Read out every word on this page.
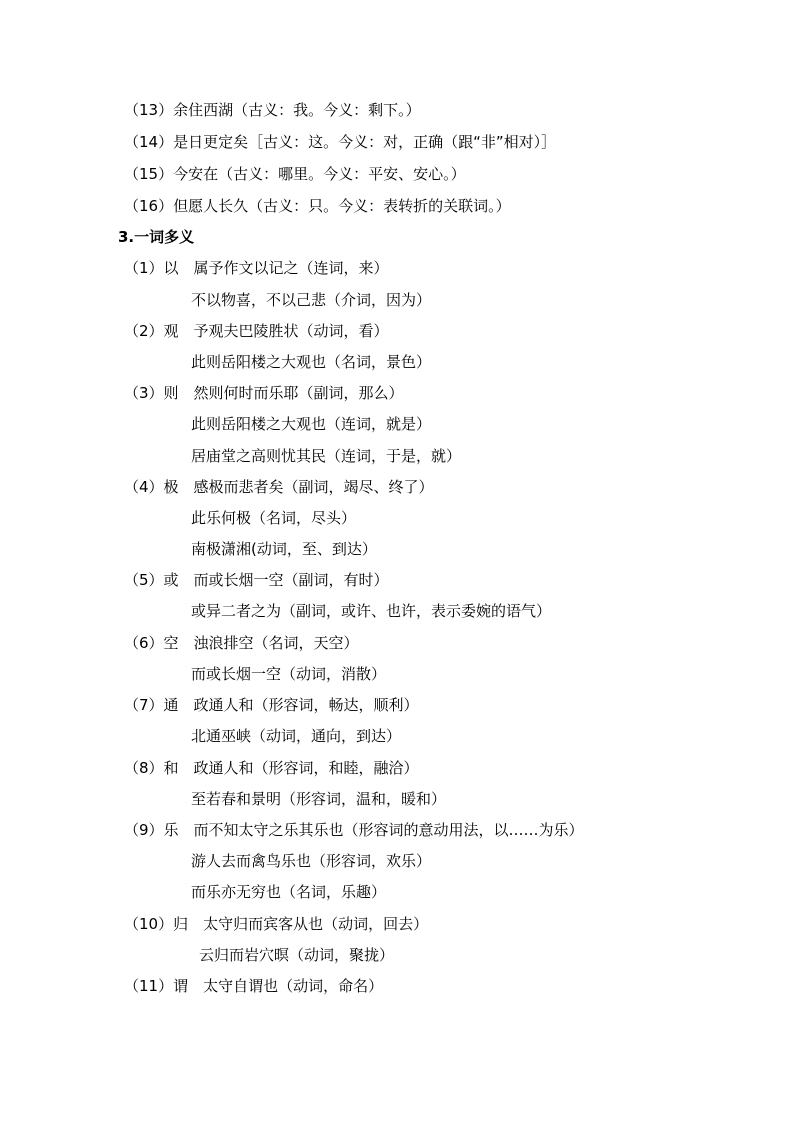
（13）余住西湖（古义：我。今义：剩下。）
（14）是日更定矣［古义：这。今义：对，正确（跟“非”相对）］
（15）今安在（古义：哪里。今义：平安、安心。）
（16）但愿人长久（古义：只。今义：表转折的关联词。）
3.一词多义
（1）以 属予作文以记之（连词，来）
不以物喜，不以己悲（介词，因为）
（2）观 予观夫巴陵胜状（动词，看）
此则岳阳楼之大观也（名词，景色）
（3）则 然则何时而乐耶（副词，那么）
此则岳阳楼之大观也（连词，就是）
居庙堂之高则忧其民（连词，于是，就）
（4）极 感极而悲者矣（副词，竭尽、终了）
此乐何极（名词，尽头）
南极潇湘(动词，至、到达）
（5）或 而或长烟一空（副词，有时）
或异二者之为（副词，或许、也许，表示委婉的语气）
（6）空 浊浪排空（名词，天空）
而或长烟一空（动词，消散）
（7）通 政通人和（形容词，畅达，顺利）
北通巫峡（动词，通向，到达）
（8）和 政通人和（形容词，和睦，融洽）
至若春和景明（形容词，温和，暖和）
（9）乐 而不知太守之乐其乐也（形容词的意动用法，以……为乐）
游人去而禽鸟乐也（形容词，欢乐）
而乐亦无穷也（名词，乐趣）
（10）归 太守归而宾客从也（动词，回去）
云归而岩穴暝（动词，聚拢）
（11）谓 太守自谓也（动词，命名）
